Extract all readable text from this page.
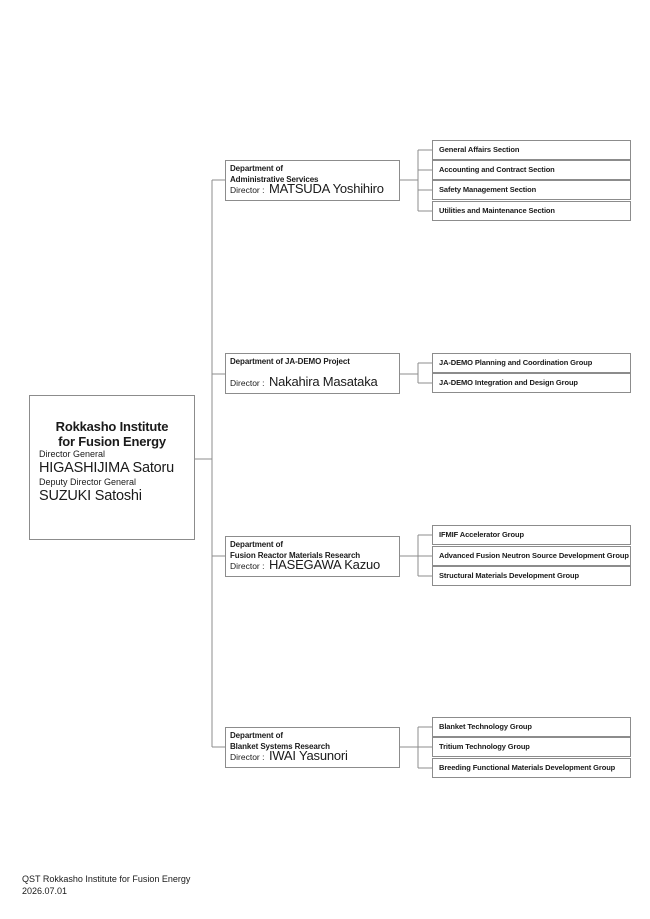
Rokkasho Institute
for Fusion Energy
Director General
HIGASHIJIMA Satoru
Deputy Director General
SUZUKI Satoshi
Department of
Administrative Services
Director : MATSUDA Yoshihiro
Department of JA-DEMO Project
Director : Nakahira Masataka
Department of
Fusion Reactor Materials Research
Director : HASEGAWA Kazuo
Department of
Blanket Systems Research
Director : IWAI Yasunori
General Affairs Section
Accounting and Contract Section
Safety Management Section
Utilities and Maintenance Section
JA-DEMO Planning and Coordination Group
JA-DEMO Integration and Design Group
IFMIF Accelerator Group
Advanced Fusion Neutron Source Development Group
Structural Materials Development Group
Blanket Technology Group
Tritium Technology Group
Breeding Functional Materials Development Group
QST Rokkasho Institute for Fusion Energy
2026.07.01
